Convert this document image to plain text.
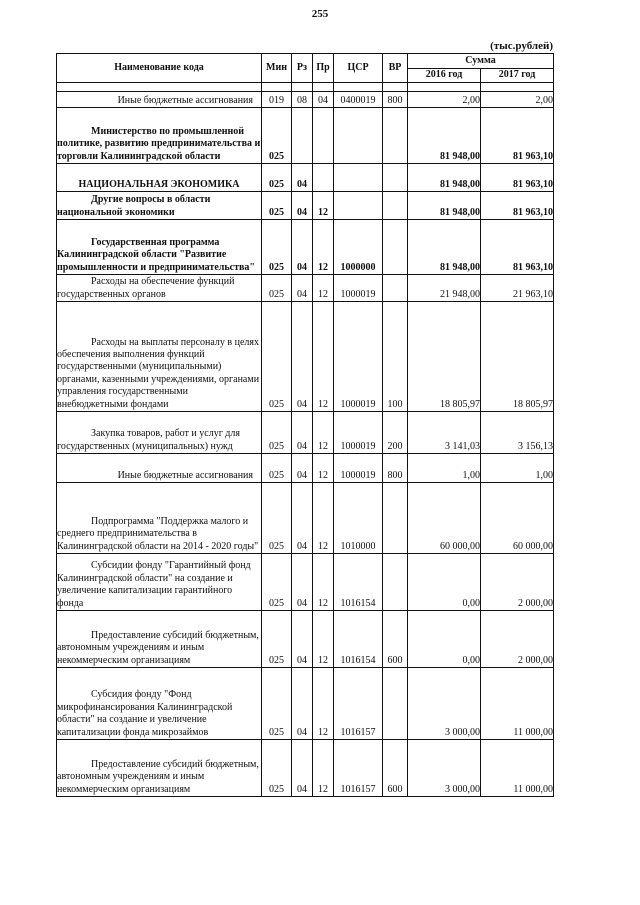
255
(тыс.рублей)
Наименование кода	Мин	Рз	Пр	ЦСР	ВР	Сумма	
						2016 год	2017 год

Иные бюджетные ассигнования	019	08	04	0400019	800	2,00	2,00
Министерство по промышленной политике, развитию предпринимательства и торговли Калининградской области	025					81 948,00	81 963,10
НАЦИОНАЛЬНАЯ ЭКОНОМИКА	025	04				81 948,00	81 963,10
Другие вопросы в области национальной экономики	025	04	12			81 948,00	81 963,10
Государственная программа Калининградской области "Развитие промышленности и предпринимательства"	025	04	12	1000000		81 948,00	81 963,10
Расходы на обеспечение функций государственных органов	025	04	12	1000019		21 948,00	21 963,10
Расходы на выплаты персоналу в целях обеспечения выполнения функций государственными (муниципальными) органами, казенными учреждениями, органами управления государственными внебюджетными фондами	025	04	12	1000019	100	18 805,97	18 805,97
Закупка товаров, работ и услуг для государственных (муниципальных) нужд	025	04	12	1000019	200	3 141,03	3 156,13
Иные бюджетные ассигнования	025	04	12	1000019	800	1,00	1,00
Подпрограмма "Поддержка малого и среднего предпринимательства в Калининградской области на 2014 - 2020 годы"	025	04	12	1010000		60 000,00	60 000,00
Субсидии фонду "Гарантийный фонд Калининградской области" на создание и увеличение капитализации гарантийного фонда	025	04	12	1016154		0,00	2 000,00
Предоставление субсидий бюджетным, автономным учреждениям и иным некоммерческим организациям	025	04	12	1016154	600	0,00	2 000,00
Субсидия фонду "Фонд микрофинансирования Калининградской области" на создание и увеличение капитализации фонда микрозаймов	025	04	12	1016157		3 000,00	11 000,00
Предоставление субсидий бюджетным, автономным учреждениям и иным некоммерческим организациям	025	04	12	1016157	600	3 000,00	11 000,00
